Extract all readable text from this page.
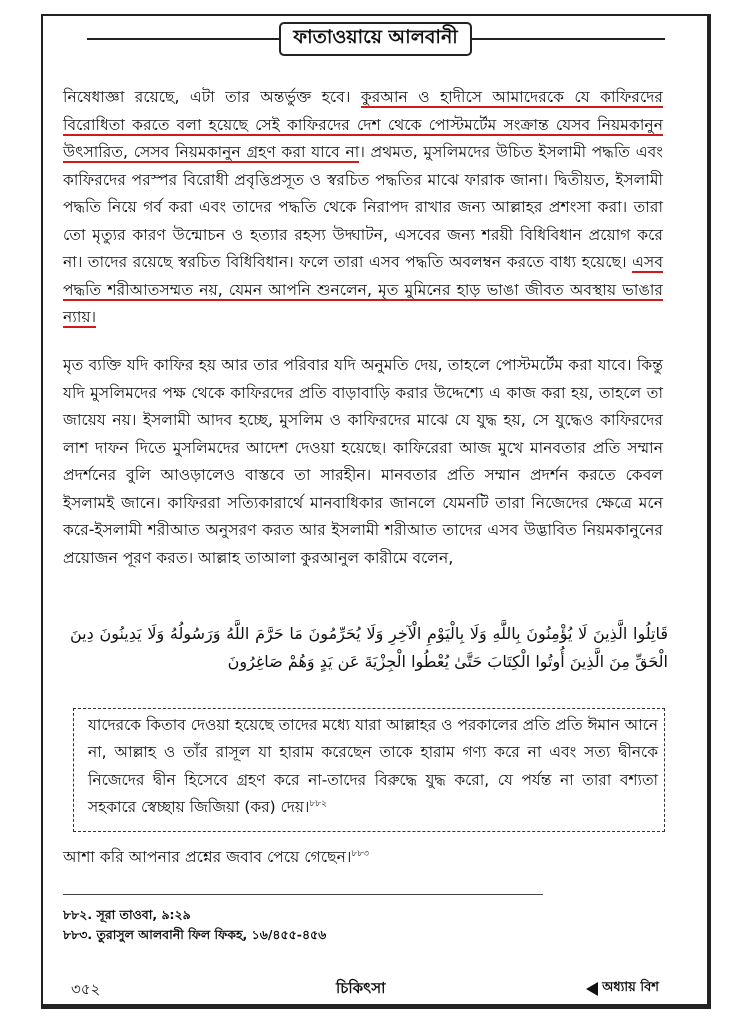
ফাতাওয়ায়ে আলবানী

নিষেধাজ্ঞা রয়েছে, এটা তার অন্তর্ভুক্ত হবে। কুরআন ও হাদীসে আমাদেরকে যে কাফিরদের বিরোধিতা করতে বলা হয়েছে সেই কাফিরদের দেশ থেকে পোস্টমর্টেম সংক্রান্ত যেসব নিয়মকানুন উৎসারিত, সেসব নিয়মকানুন গ্রহণ করা যাবে না। প্রথমত, মুসলিমদের উচিত ইসলামী পদ্ধতি এবং কাফিরদের পরস্পর বিরোধী প্রবৃত্তিপ্রসূত ও স্বরচিত পদ্ধতির মাঝে ফারাক জানা। দ্বিতীয়ত, ইসলামী পদ্ধতি নিয়ে গর্ব করা এবং তাদের পদ্ধতি থেকে নিরাপদ রাখার জন্য আল্লাহর প্রশংসা করা। তারা তো মৃত্যুর কারণ উন্মোচন ও হত্যার রহস্য উদ্ঘাটন, এসবের জন্য শরয়ী বিধিবিধান প্রয়োগ করে না। তাদের রয়েছে স্বরচিত বিধিবিধান। ফলে তারা এসব পদ্ধতি অবলম্বন করতে বাধ্য হয়েছে। এসব পদ্ধতি শরীআতসম্মত নয়, যেমন আপনি শুনলেন, মৃত মুমিনের হাড় ভাঙা জীবত অবস্থায় ভাঙার ন্যায়।

মৃত ব্যক্তি যদি কাফির হয় আর তার পরিবার যদি অনুমতি দেয়, তাহলে পোস্টমর্টেম করা যাবে। কিন্তু যদি মুসলিমদের পক্ষ থেকে কাফিরদের প্রতি বাড়াবাড়ি করার উদ্দেশ্যে এ কাজ করা হয়, তাহলে তা জায়েয নয়। ইসলামী আদব হচ্ছে, মুসলিম ও কাফিরদের মাঝে যে যুদ্ধ হয়, সে যুদ্ধেও কাফিরদের লাশ দাফন দিতে মুসলিমদের আদেশ দেওয়া হয়েছে। কাফিরেরা আজ মুখে মানবতার প্রতি সম্মান প্রদর্শনের বুলি আওড়ালেও বাস্তবে তা সারহীন। মানবতার প্রতি সম্মান প্রদর্শন করতে কেবল ইসলামই জানে। কাফিররা সত্যিকারার্থে মানবাধিকার জানলে যেমনটি তারা নিজেদের ক্ষেত্রে মনে করে-ইসলামী শরীআত অনুসরণ করত আর ইসলামী শরীআত তাদের এসব উদ্ভাবিত নিয়মকানুনের প্রয়োজন পূরণ করত। আল্লাহ তাআলা কুরআনুল কারীমে বলেন,

قَاتِلُوا الَّذِينَ لَا يُؤْمِنُونَ بِاللَّهِ وَلَا بِالْيَوْمِ الْآخِرِ وَلَا يُحَرِّمُونَ مَا حَرَّمَ اللَّهُ وَرَسُولُهُ وَلَا يَدِينُونَ دِينَ الْحَقِّ مِنَ الَّذِينَ أُوتُوا الْكِتَابَ حَتَّىٰ يُعْطُوا الْجِزْيَةَ عَن يَدٍ وَهُمْ صَاغِرُونَ

যাদেরকে কিতাব দেওয়া হয়েছে তাদের মধ্যে যারা আল্লাহর ও পরকালের প্রতি প্রতি ঈমান আনে না, আল্লাহ ও তাঁর রাসূল যা হারাম করেছেন তাকে হারাম গণ্য করে না এবং সত্য দ্বীনকে নিজেদের দ্বীন হিসেবে গ্রহণ করে না-তাদের বিরুদ্ধে যুদ্ধ করো, যে পর্যন্ত না তারা বশ্যতা সহকারে স্বেচ্ছায় জিজিয়া (কর) দেয়।$^{৮৮২}$

আশা করি আপনার প্রশ্নের জবাব পেয়ে গেছেন।$^{৮৮৩}$

৮৮২. সূরা তাওবা, ৯:২৯

৮৮৩. তুরাসুল আলবানী ফিল ফিকহ, ১৬/৪৫৫-৪৫৬

৩৫২	চিকিৎসা	অধ্যায় বিশ
